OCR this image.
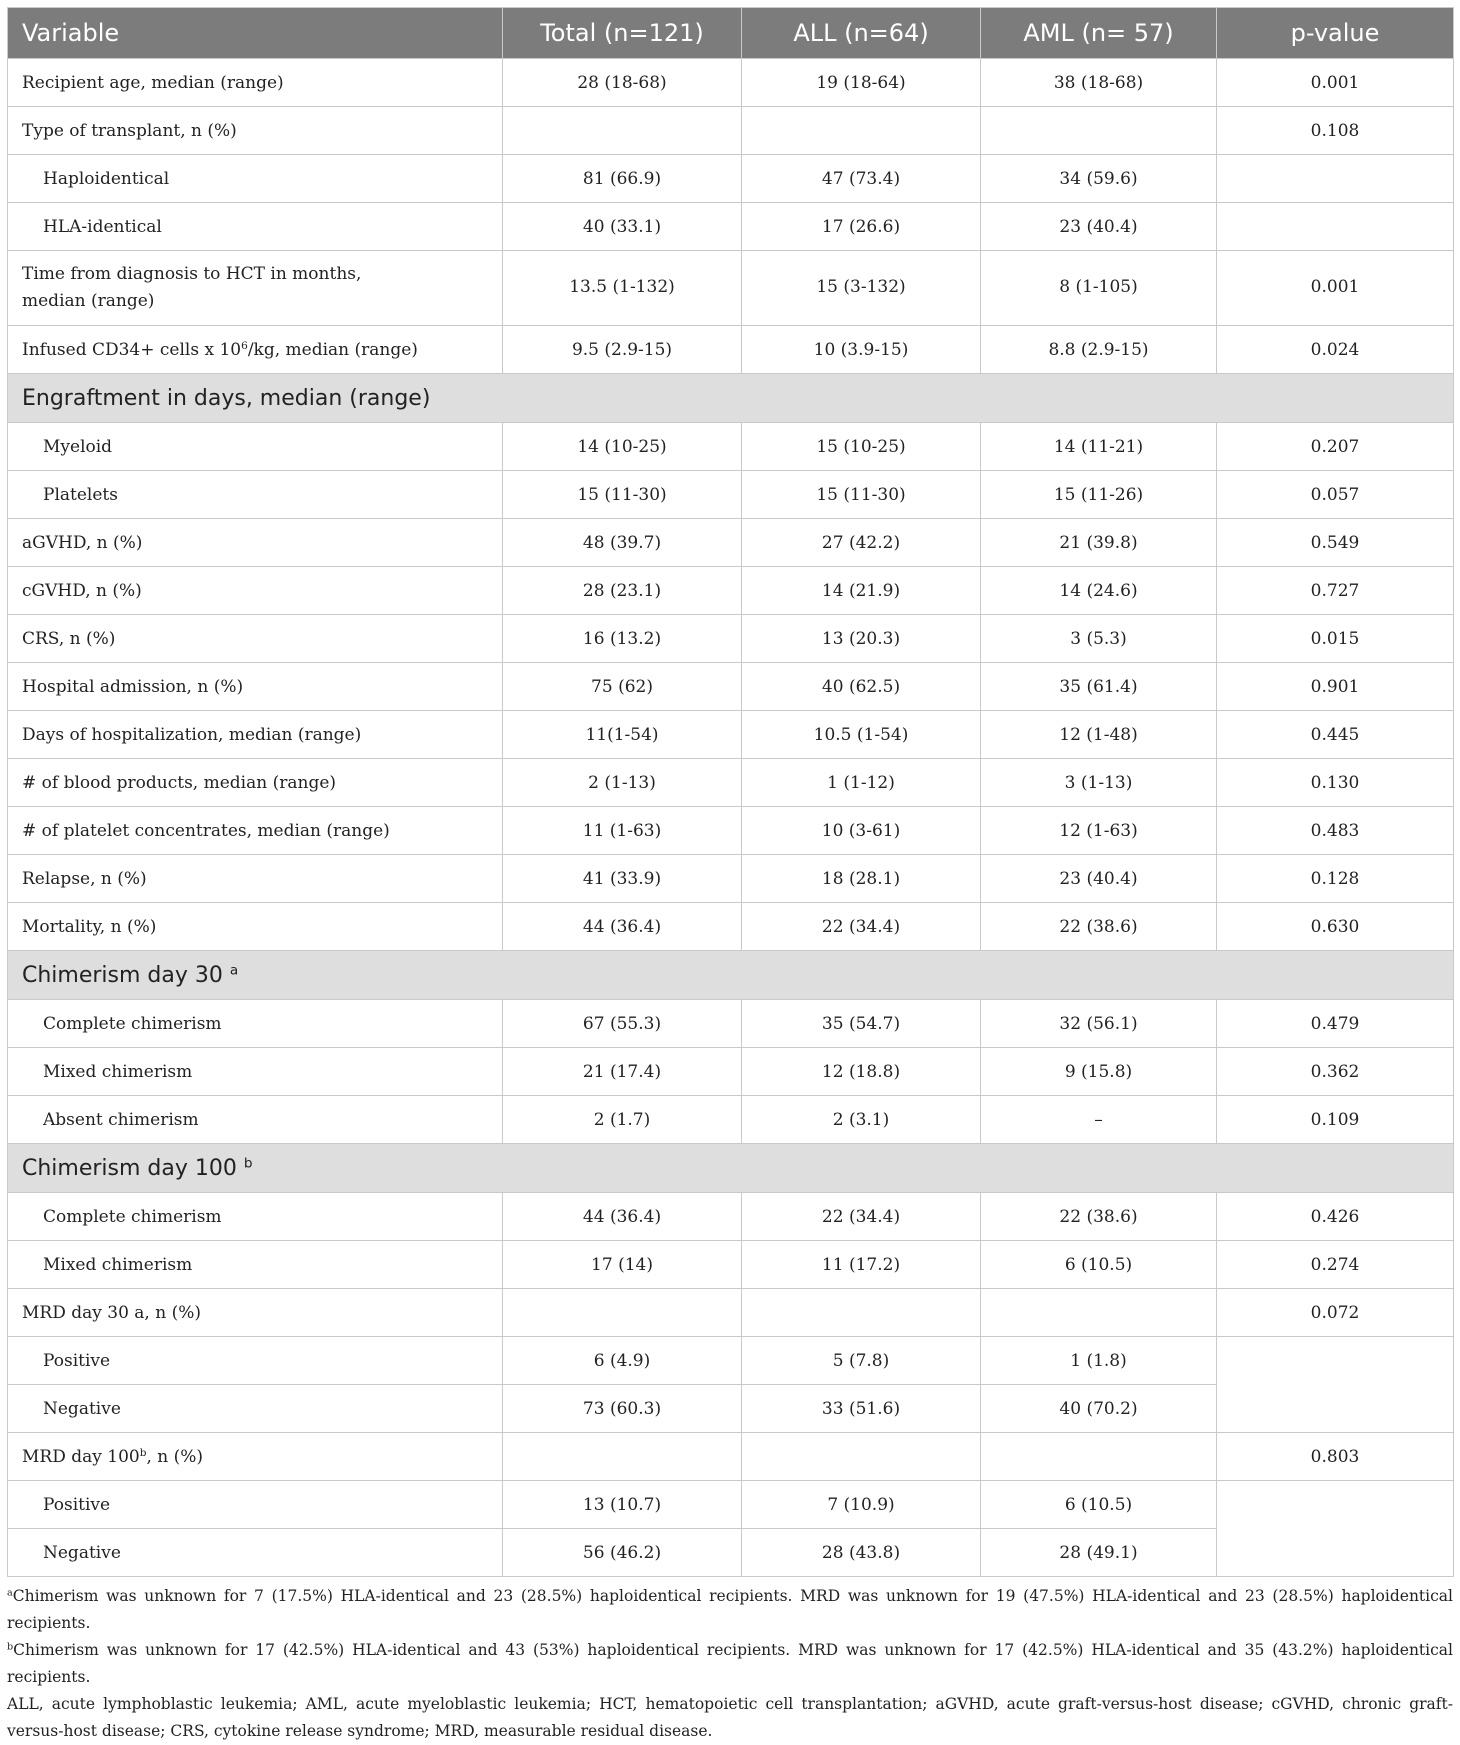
Variable	Total (n=121)	ALL (n=64)	AML (n= 57)	p-value
Recipient age, median (range)	28 (18-68)	19 (18-64)	38 (18-68)	0.001
Type of transplant, n (%)				0.108
Haploidentical	81 (66.9)	47 (73.4)	34 (59.6)	
HLA-identical	40 (33.1)	17 (26.6)	23 (40.4)	
Time from diagnosis to HCT in months,
median (range)	13.5 (1-132)	15 (3-132)	8 (1-105)	0.001
Infused CD34+ cells x $10^6/kg$, median (range)	9.5 (2.9-15)	10 (3.9-15)	8.8 (2.9-15)	0.024
Engraftment in days, median (range)				
Myeloid	14 (10-25)	15 (10-25)	14 (11-21)	0.207
Platelets	15 (11-30)	15 (11-30)	15 (11-26)	0.057
aGVHD, n (%)	48 (39.7)	27 (42.2)	21 (39.8)	0.549
cGVHD, n (%)	28 (23.1)	14 (21.9)	14 (24.6)	0.727
CRS, n (%)	16 (13.2)	13 (20.3)	3 (5.3)	0.015
Hospital admission, n (%)	75 (62)	40 (62.5)	35 (61.4)	0.901
Days of hospitalization, median (range)	11(1-54)	10.5 (1-54)	12 (1-48)	0.445
# of blood products, median (range)	2 (1-13)	1 (1-12)	3 (1-13)	0.130
# of platelet concentrates, median (range)	11 (1-63)	10 (3-61)	12 (1-63)	0.483
Relapse, n (%)	41 (33.9)	18 (28.1)	23 (40.4)	0.128
Mortality, n (%)	44 (36.4)	22 (34.4)	22 (38.6)	0.630
Chimerism day 30 $^a$
Complete chimerism	67 (55.3)	35 (54.7)	32 (56.1)	0.479
Mixed chimerism	21 (17.4)	12 (18.8)	9 (15.8)	0.362
Absent chimerism	2 (1.7)	2 (3.1)	–	0.109
Chimerism day 100 $^b$
Complete chimerism	44 (36.4)	22 (34.4)	22 (38.6)	0.426
Mixed chimerism	17 (14)	11 (17.2)	6 (10.5)	0.274
MRD day 30 a, n (%)				0.072
Positive	6 (4.9)	5 (7.8)	1 (1.8)	
Negative	73 (60.3)	33 (51.6)	40 (70.2)	
MRD day 100$^b$, n (%)				0.803
Positive	13 (10.7)	7 (10.9)	6 (10.5)	
Negative	56 (46.2)	28 (43.8)	28 (49.1)	
$^a$Chimerism was unknown for 7 (17.5%) HLA-identical and 23 (28.5%) haploidentical recipients. MRD was unknown for 19 (47.5%) HLA-identical and 23 (28.5%) haploidentical recipients.
$^b$Chimerism was unknown for 17 (42.5%) HLA-identical and 43 (53%) haploidentical recipients. MRD was unknown for 17 (42.5%) HLA-identical and 35 (43.2%) haploidentical recipients.
ALL, acute lymphoblastic leukemia; AML, acute myeloblastic leukemia; HCT, hematopoietic cell transplantation; aGVHD, acute graft-versus-host disease; cGVHD, chronic graft-versus-host disease; CRS, cytokine release syndrome; MRD, measurable residual disease.
